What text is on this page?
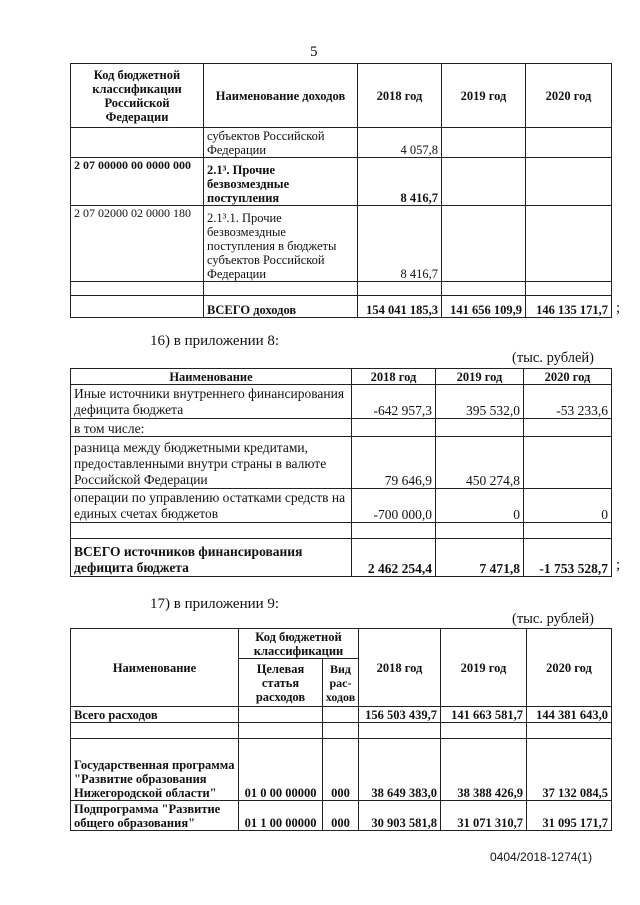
5
Код бюджетной классификации Российской Федерации	Наименование доходов	2018 год	2019 год	2020 год
	субъектов Российской Федерации	4 057,8		
2 07 00000 00 0000 000	2.1³. Прочие безвозмездные поступления	8 416,7		
2 07 02000 02 0000 180	2.1³.1. Прочие безвозмездные поступления в бюджеты субъектов Российской Федерации	8 416,7		

	ВСЕГО доходов	154 041 185,3	141 656 109,9	146 135 171,7 ;
16) в приложении 8:
(тыс. рублей)
Наименование	2018 год	2019 год	2020 год
Иные источники внутреннего финансирования дефицита бюджета	-642 957,3	395 532,0	-53 233,6
в том числе:			
разница между бюджетными кредитами, предоставленными внутри страны в валюте Российской Федерации	79 646,9	450 274,8	
операции по управлению остатками средств на единых счетах бюджетов	-700 000,0	0	0

ВСЕГО источников финансирования дефицита бюджета	2 462 254,4	7 471,8	-1 753 528,7 ;
17) в приложении 9:
(тыс. рублей)
Наименование	Код бюджетной классификации		2018 год	2019 год	2020 год
	Целевая статья расходов	Вид рас-ходов			
Всего расходов			156 503 439,7	141 663 581,7	144 381 643,0

Государственная программа "Развитие образования Нижегородской области"	01 0 00 00000	000	38 649 383,0	38 388 426,9	37 132 084,5
Подпрограмма "Развитие общего образования"	01 1 00 00000	000	30 903 581,8	31 071 310,7	31 095 171,7
0404/2018-1274(1)
